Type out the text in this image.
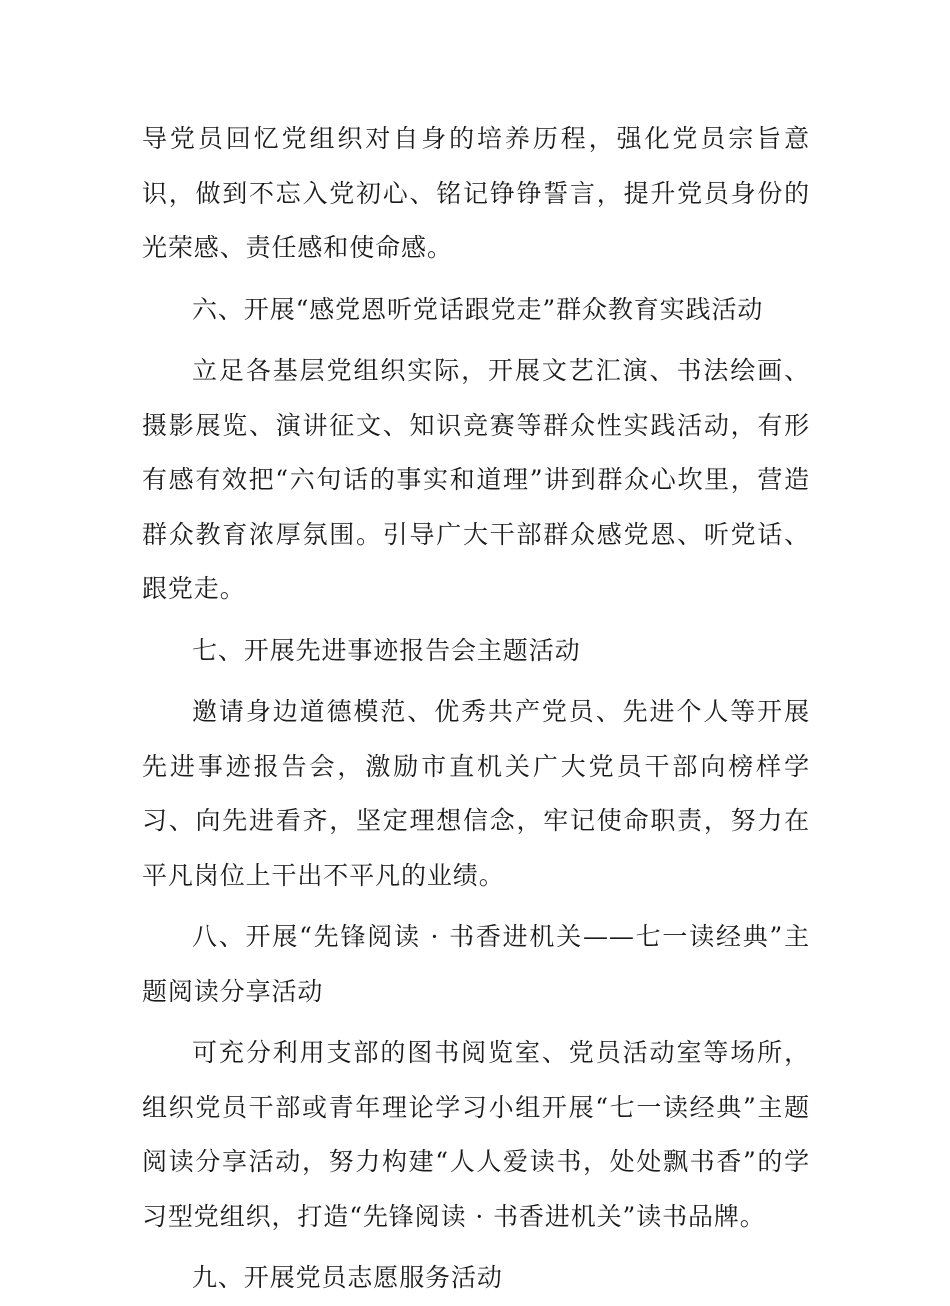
导党员回忆党组织对自身的培养历程，强化党员宗旨意识，做到不忘入党初心、铭记铮铮誓言，提升党员身份的光荣感、责任感和使命感。

六、开展“感党恩听党话跟党走”群众教育实践活动

立足各基层党组织实际，开展文艺汇演、书法绘画、摄影展览、演讲征文、知识竞赛等群众性实践活动，有形有感有效把“六句话的事实和道理”讲到群众心坎里，营造群众教育浓厚氛围。引导广大干部群众感党恩、听党话、跟党走。

七、开展先进事迹报告会主题活动

邀请身边道德模范、优秀共产党员、先进个人等开展先进事迹报告会，激励市直机关广大党员干部向榜样学习、向先进看齐，坚定理想信念，牢记使命职责，努力在平凡岗位上干出不平凡的业绩。

八、开展“先锋阅读 · 书香进机关——七一读经典”主题阅读分享活动

可充分利用支部的图书阅览室、党员活动室等场所，组织党员干部或青年理论学习小组开展“七一读经典”主题阅读分享活动，努力构建“人人爱读书，处处飘书香”的学习型党组织，打造“先锋阅读 · 书香进机关”读书品牌。

九、开展党员志愿服务活动
